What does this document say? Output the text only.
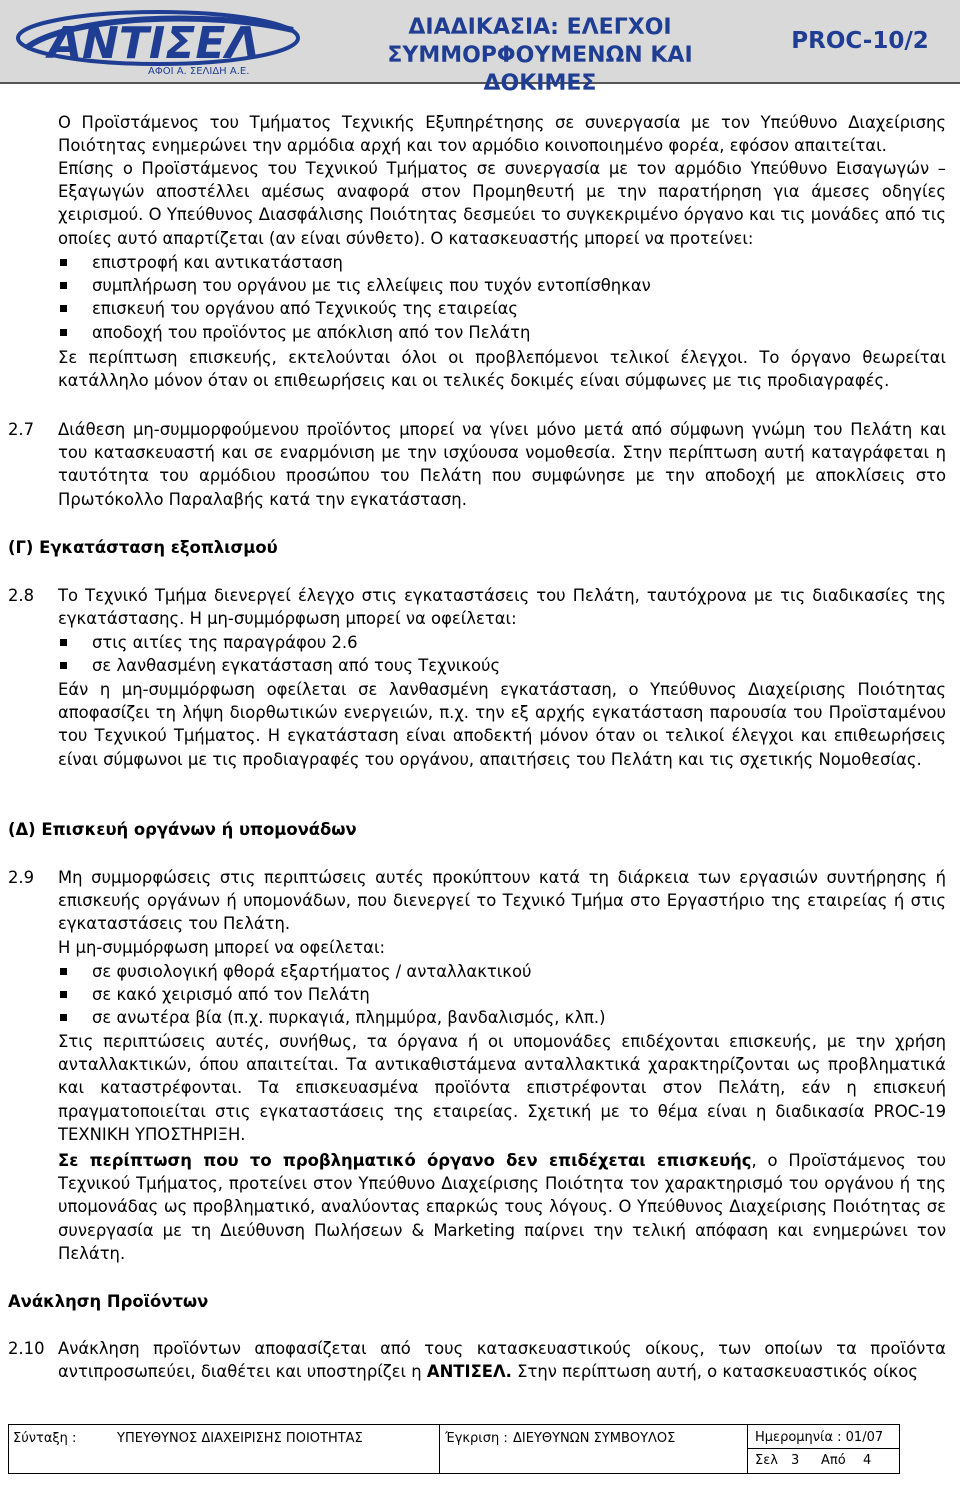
ΑΝΤΙΣΕΛ
ΑΦΟΙ Α. ΣΕΛΙΔΗ Α.Ε.
ΔΙΑΔΙΚΑΣΙΑ: ΕΛΕΓΧΟΙ
ΣΥΜΜΟΡΦΟΥΜΕΝΩΝ ΚΑΙ ΔΟΚΙΜΕΣ
PROC-10/2

Ο Προϊστάμενος του Τμήματος Τεχνικής Εξυπηρέτησης σε συνεργασία με τον Υπεύθυνο Διαχείρισης Ποιότητας ενημερώνει την αρμόδια αρχή και τον αρμόδιο κοινοποιημένο φορέα, εφόσον απαιτείται.

Επίσης ο Προϊστάμενος του Τεχνικού Τμήματος σε συνεργασία με τον αρμόδιο Υπεύθυνο Εισαγωγών – Εξαγωγών αποστέλλει αμέσως αναφορά στον Προμηθευτή με την παρατήρηση για άμεσες οδηγίες χειρισμού. Ο Υπεύθυνος Διασφάλισης Ποιότητας δεσμεύει το συγκεκριμένο όργανο και τις μονάδες από τις οποίες αυτό απαρτίζεται (αν είναι σύνθετο). Ο κατασκευαστής μπορεί να προτείνει:

επιστροφή και αντικατάσταση
συμπλήρωση του οργάνου με τις ελλείψεις που τυχόν εντοπίσθηκαν
επισκευή του οργάνου από Τεχνικούς της εταιρείας
αποδοχή του προϊόντος με απόκλιση από τον Πελάτη

Σε περίπτωση επισκευής, εκτελούνται όλοι οι προβλεπόμενοι τελικοί έλεγχοι. Το όργανο θεωρείται κατάλληλο μόνον όταν οι επιθεωρήσεις και οι τελικές δοκιμές είναι σύμφωνες με τις προδιαγραφές.

2.7 Διάθεση μη-συμμορφούμενου προϊόντος μπορεί να γίνει μόνο μετά από σύμφωνη γνώμη του Πελάτη και του κατασκευαστή και σε εναρμόνιση με την ισχύουσα νομοθεσία. Στην περίπτωση αυτή καταγράφεται η ταυτότητα του αρμόδιου προσώπου του Πελάτη που συμφώνησε με την αποδοχή με αποκλίσεις στο Πρωτόκολλο Παραλαβής κατά την εγκατάσταση.

(Γ) Εγκατάσταση εξοπλισμού

2.8 Το Τεχνικό Τμήμα διενεργεί έλεγχο στις εγκαταστάσεις του Πελάτη, ταυτόχρονα με τις διαδικασίες της εγκατάστασης. Η μη-συμμόρφωση μπορεί να οφείλεται:

στις αιτίες της παραγράφου 2.6
σε λανθασμένη εγκατάσταση από τους Τεχνικούς

Εάν η μη-συμμόρφωση οφείλεται σε λανθασμένη εγκατάσταση, ο Υπεύθυνος Διαχείρισης Ποιότητας αποφασίζει τη λήψη διορθωτικών ενεργειών, π.χ. την εξ αρχής εγκατάσταση παρουσία του Προϊσταμένου του Τεχνικού Τμήματος. Η εγκατάσταση είναι αποδεκτή μόνον όταν οι τελικοί έλεγχοι και επιθεωρήσεις είναι σύμφωνοι με τις προδιαγραφές του οργάνου, απαιτήσεις του Πελάτη και τις σχετικής Νομοθεσίας.

(Δ) Επισκευή οργάνων ή υπομονάδων

2.9 Μη συμμορφώσεις στις περιπτώσεις αυτές προκύπτουν κατά τη διάρκεια των εργασιών συντήρησης ή επισκευής οργάνων ή υπομονάδων, που διενεργεί το Τεχνικό Τμήμα στο Εργαστήριο της εταιρείας ή στις εγκαταστάσεις του Πελάτη.

Η μη-συμμόρφωση μπορεί να οφείλεται:

σε φυσιολογική φθορά εξαρτήματος / ανταλλακτικού
σε κακό χειρισμό από τον Πελάτη
σε ανωτέρα βία (π.χ. πυρκαγιά, πλημμύρα, βανδαλισμός, κλπ.)

Στις περιπτώσεις αυτές, συνήθως, τα όργανα ή οι υπομονάδες επιδέχονται επισκευής, με την χρήση ανταλλακτικών, όπου απαιτείται. Τα αντικαθιστάμενα ανταλλακτικά χαρακτηρίζονται ως προβληματικά και καταστρέφονται. Τα επισκευασμένα προϊόντα επιστρέφονται στον Πελάτη, εάν η επισκευή πραγματοποιείται στις εγκαταστάσεις της εταιρείας. Σχετική με το θέμα είναι η διαδικασία PROC-19 ΤΕΧΝΙΚΗ ΥΠΟΣΤΗΡΙΞΗ.

Σε περίπτωση που το προβληματικό όργανο δεν επιδέχεται επισκευής, ο Προϊστάμενος του Τεχνικού Τμήματος, προτείνει στον Υπεύθυνο Διαχείρισης Ποιότητα τον χαρακτηρισμό του οργάνου ή της υπομονάδας ως προβληματικό, αναλύοντας επαρκώς τους λόγους. Ο Υπεύθυνος Διαχείρισης Ποιότητας σε συνεργασία με τη Διεύθυνση Πωλήσεων & Marketing παίρνει την τελική απόφαση και ενημερώνει τον Πελάτη.

Ανάκληση Προϊόντων

2.10 Ανάκληση προϊόντων αποφασίζεται από τους κατασκευαστικούς οίκους, των οποίων τα προϊόντα αντιπροσωπεύει, διαθέτει και υποστηρίζει η ΑΝΤΙΣΕΛ. Στην περίπτωση αυτή, ο κατασκευαστικός οίκος

Σύνταξη :	ΥΠΕΥΘΥΝΟΣ ΔΙΑΧΕΙΡΙΣΗΣ ΠΟΙΟΤΗΤΑΣ	Έγκριση : ΔΙΕΥΘΥΝΩΝ ΣΥΜΒΟΥΛΟΣ	Ημερομηνία : 01/07
Σελ 3 Από 4
